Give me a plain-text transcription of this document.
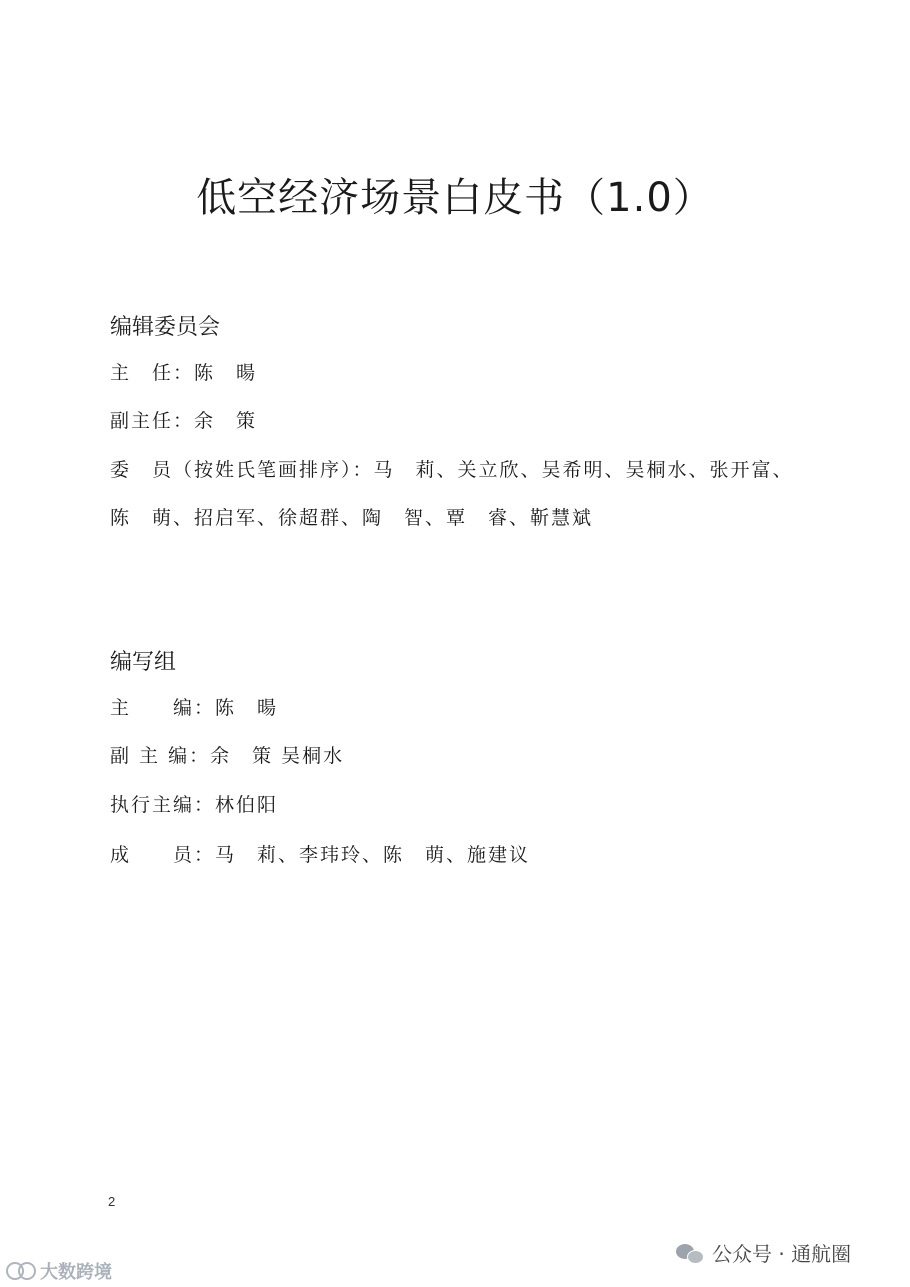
低空经济场景白皮书（1.0）
编辑委员会
主　任：陈　暘
副主任：余　策
委　员（按姓氏笔画排序）：马　莉、关立欣、吴希明、吴桐水、张开富、
陈　萌、招启军、徐超群、陶　智、覃　睿、靳慧斌
编写组
主　　编：陈　暘
副 主 编：余　策 吴桐水
执行主编：林伯阳
成　　员：马　莉、李玮玲、陈　萌、施建议
2
大数跨境
公众号 · 通航圈
